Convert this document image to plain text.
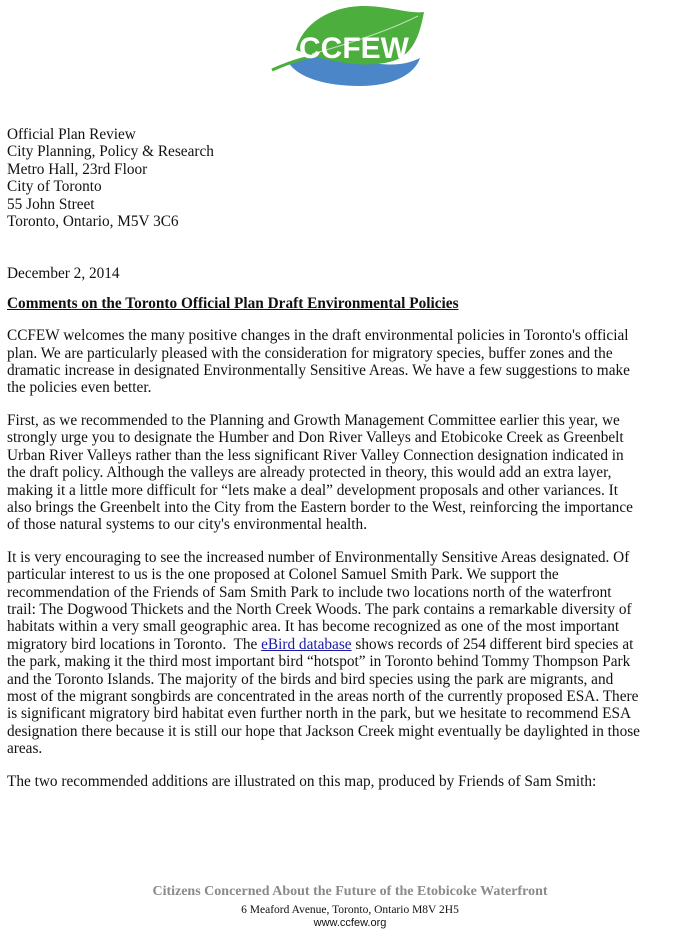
CCFEW
Official Plan Review
City Planning, Policy & Research
Metro Hall, 23rd Floor
City of Toronto
55 John Street
Toronto, Ontario, M5V 3C6
December 2, 2014
Comments on the Toronto Official Plan Draft Environmental Policies
CCFEW welcomes the many positive changes in the draft environmental policies in Toronto's official
plan. We are particularly pleased with the consideration for migratory species, buffer zones and the
dramatic increase in designated Environmentally Sensitive Areas. We have a few suggestions to make
the policies even better.
First, as we recommended to the Planning and Growth Management Committee earlier this year, we
strongly urge you to designate the Humber and Don River Valleys and Etobicoke Creek as Greenbelt
Urban River Valleys rather than the less significant River Valley Connection designation indicated in
the draft policy. Although the valleys are already protected in theory, this would add an extra layer,
making it a little more difficult for “lets make a deal” development proposals and other variances. It
also brings the Greenbelt into the City from the Eastern border to the West, reinforcing the importance
of those natural systems to our city's environmental health.
It is very encouraging to see the increased number of Environmentally Sensitive Areas designated. Of
particular interest to us is the one proposed at Colonel Samuel Smith Park. We support the
recommendation of the Friends of Sam Smith Park to include two locations north of the waterfront
trail: The Dogwood Thickets and the North Creek Woods. The park contains a remarkable diversity of
habitats within a very small geographic area. It has become recognized as one of the most important
migratory bird locations in Toronto.  The eBird database shows records of 254 different bird species at
the park, making it the third most important bird “hotspot” in Toronto behind Tommy Thompson Park
and the Toronto Islands. The majority of the birds and bird species using the park are migrants, and
most of the migrant songbirds are concentrated in the areas north of the currently proposed ESA. There
is significant migratory bird habitat even further north in the park, but we hesitate to recommend ESA
designation there because it is still our hope that Jackson Creek might eventually be daylighted in those
areas.
The two recommended additions are illustrated on this map, produced by Friends of Sam Smith:
Citizens Concerned About the Future of the Etobicoke Waterfront
6 Meaford Avenue, Toronto, Ontario M8V 2H5
www.ccfew.org
